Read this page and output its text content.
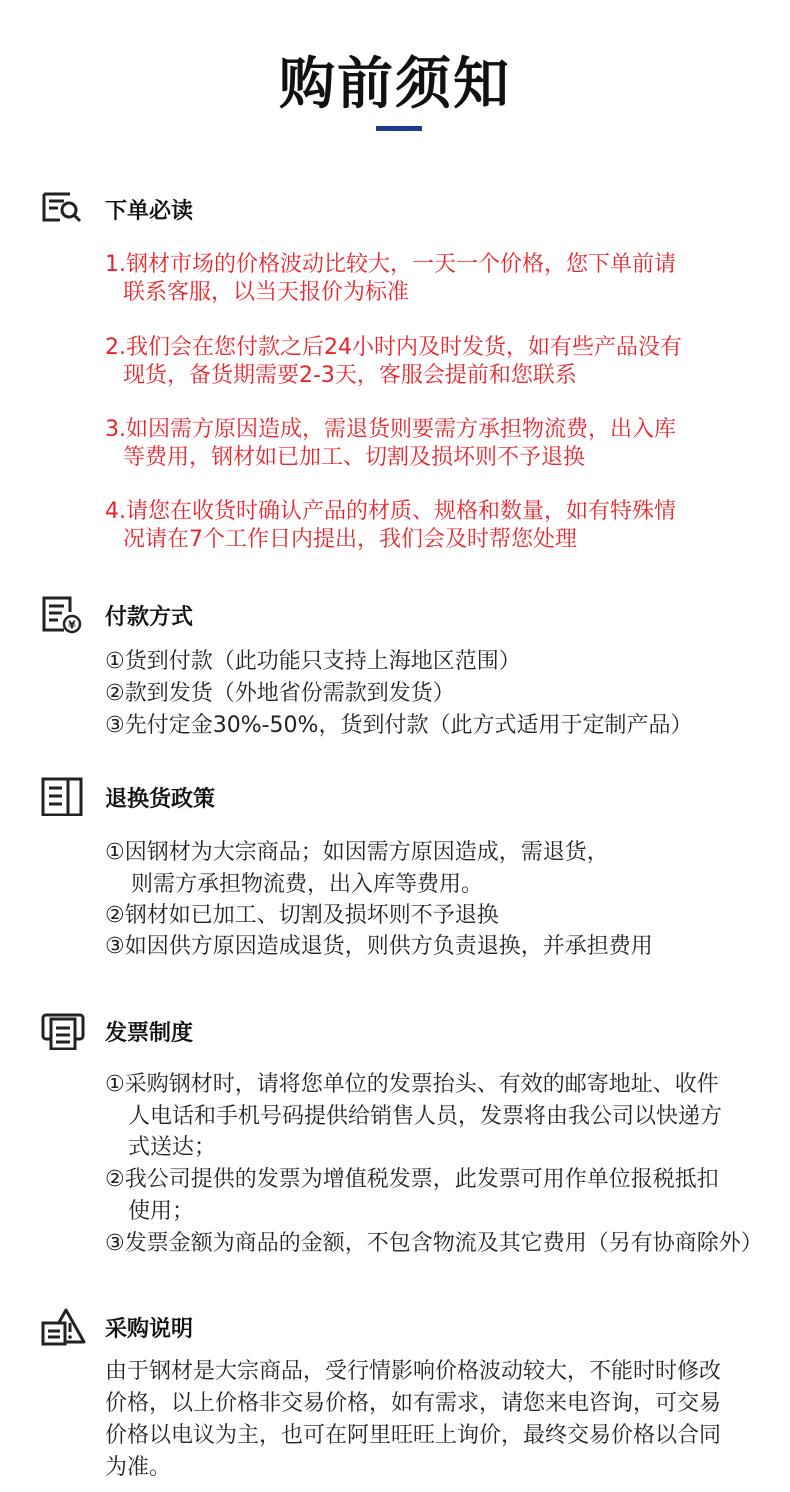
购前须知
下单必读
1.钢材市场的价格波动比较大，一天一个价格，您下单前请
联系客服，以当天报价为标准
2.我们会在您付款之后24小时内及时发货，如有些产品没有
现货，备货期需要2-3天，客服会提前和您联系
3.如因需方原因造成，需退货则要需方承担物流费，出入库
等费用，钢材如已加工、切割及损坏则不予退换
4.请您在收货时确认产品的材质、规格和数量，如有特殊情
况请在7个工作日内提出，我们会及时帮您处理
¥ 付款方式
①货到付款（此功能只支持上海地区范围）
②款到发货（外地省份需款到发货）
③先付定金30%-50%，货到付款（此方式适用于定制产品）
退换货政策
①因钢材为大宗商品；如因需方原因造成，需退货，
则需方承担物流费，出入库等费用。
②钢材如已加工、切割及损坏则不予退换
③如因供方原因造成退货，则供方负责退换，并承担费用
发票制度
①采购钢材时，请将您单位的发票抬头、有效的邮寄地址、收件
人电话和手机号码提供给销售人员，发票将由我公司以快递方
式送达；
②我公司提供的发票为增值税发票，此发票可用作单位报税抵扣
使用；
③发票金额为商品的金额，不包含物流及其它费用（另有协商除外）
采购说明
由于钢材是大宗商品，受行情影响价格波动较大，不能时时修改
价格，以上价格非交易价格，如有需求，请您来电咨询，可交易
价格以电议为主，也可在阿里旺旺上询价，最终交易价格以合同
为准。
